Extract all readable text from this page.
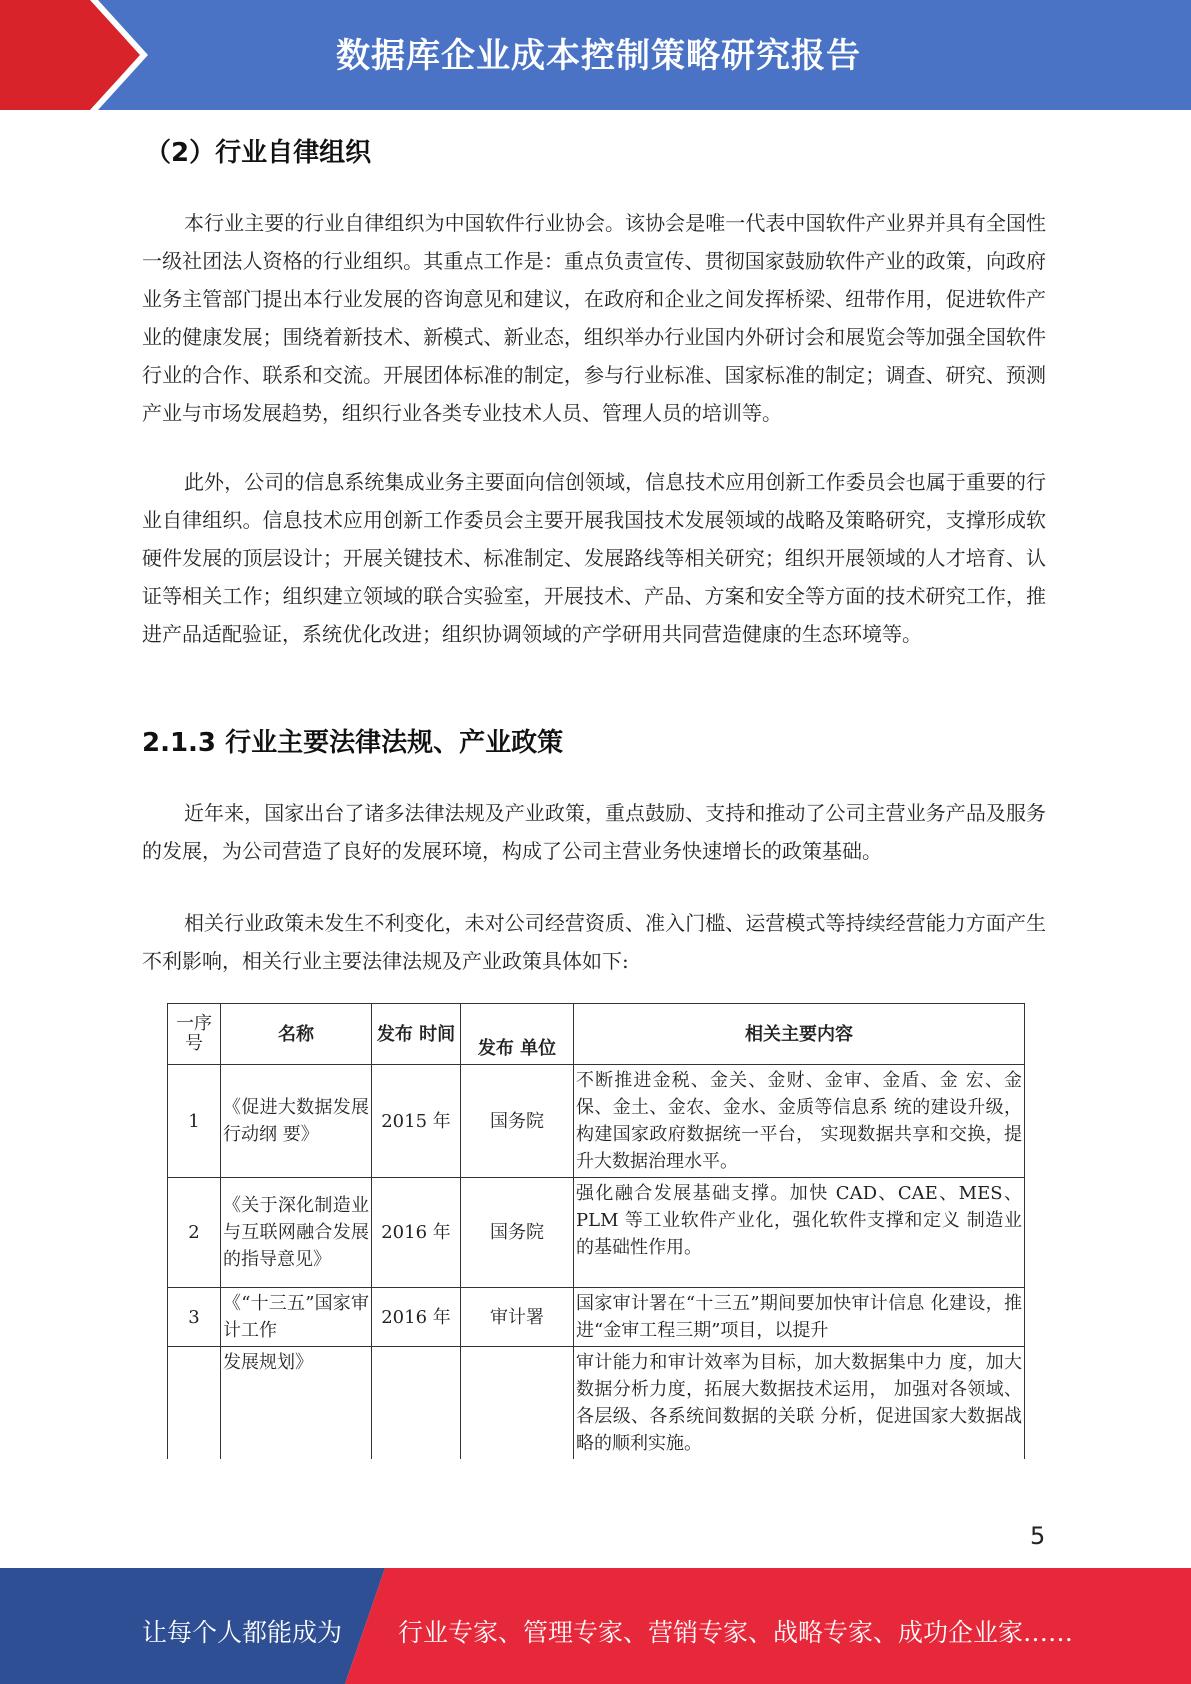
数据库企业成本控制策略研究报告
（2）行业自律组织
本行业主要的行业自律组织为中国软件行业协会。该协会是唯一代表中国软件产业界并具有全国性一级社团法人资格的行业组织。其重点工作是：重点负责宣传、贯彻国家鼓励软件产业的政策，向政府业务主管部门提出本行业发展的咨询意见和建议，在政府和企业之间发挥桥梁、纽带作用，促进软件产业的健康发展；围绕着新技术、新模式、新业态，组织举办行业国内外研讨会和展览会等加强全国软件行业的合作、联系和交流。开展团体标准的制定，参与行业标准、国家标准的制定；调查、研究、预测产业与市场发展趋势，组织行业各类专业技术人员、管理人员的培训等。
此外，公司的信息系统集成业务主要面向信创领域，信息技术应用创新工作委员会也属于重要的行业自律组织。信息技术应用创新工作委员会主要开展我国技术发展领域的战略及策略研究，支撑形成软硬件发展的顶层设计；开展关键技术、标准制定、发展路线等相关研究；组织开展领域的人才培育、认证等相关工作；组织建立领域的联合实验室，开展技术、产品、方案和安全等方面的技术研究工作，推进产品适配验证，系统优化改进；组织协调领域的产学研用共同营造健康的生态环境等。
2.1.3 行业主要法律法规、产业政策
近年来，国家出台了诸多法律法规及产业政策，重点鼓励、支持和推动了公司主营业务产品及服务的发展，为公司营造了良好的发展环境，构成了公司主营业务快速增长的政策基础。
相关行业政策未发生不利变化，未对公司经营资质、准入门槛、运营模式等持续经营能力方面产生不利影响，相关行业主要法律法规及产业政策具体如下:
一序号	名称	发布 时间	发布 单位	相关主要内容
1	《促进大数据发展行动纲 要》	2015 年	国务院	不断推进金税、金关、金财、金审、金盾、金 宏、金保、金土、金农、金水、金质等信息系 统的建设升级，构建国家政府数据统一平台， 实现数据共享和交换，提升大数据治理水平。
2	《关于深化制造业与互联网融合发展的指导意见》	2016 年	国务院	强化融合发展基础支撑。加快 CAD、CAE、MES、PLM 等工业软件产业化，强化软件支撑和定义 制造业的基础性作用。
3	《“十三五”国家审计工作	2016 年	审计署	国家审计署在“十三五”期间要加快审计信息 化建设，推进“金审工程三期”项目，以提升
	发展规划》			审计能力和审计效率为目标，加大数据集中力 度，加大数据分析力度，拓展大数据技术运用， 加强对各领域、各层级、各系统间数据的关联 分析，促进国家大数据战略的顺利实施。
5
让每个人都能成为 行业专家、管理专家、营销专家、战略专家、成功企业家……
